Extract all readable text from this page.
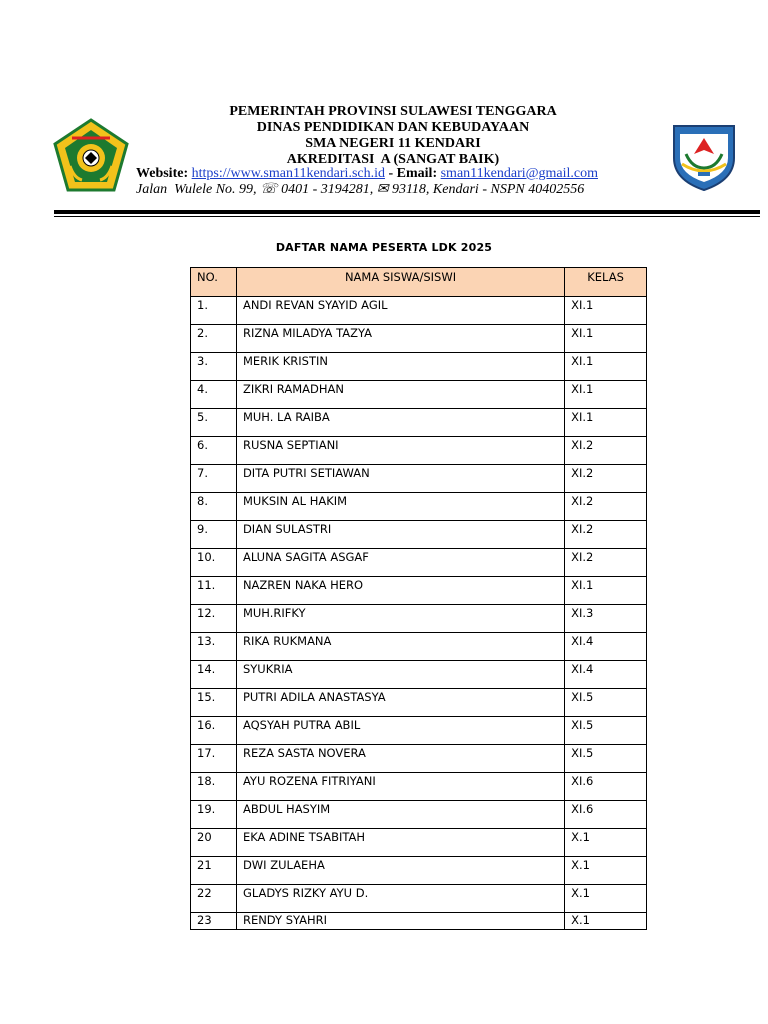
PEMERINTAH PROVINSI SULAWESI TENGGARA
DINAS PENDIDIKAN DAN KEBUDAYAAN
SMA NEGERI 11 KENDARI
AKREDITASI  A (SANGAT BAIK)
Website: https://www.sman11kendari.sch.id - Email: sman11kendari@gmail.com
Jalan  Wulele No. 99, ☏ 0401 - 3194281, ✉ 93118, Kendari - NSPN 40402556
DAFTAR NAMA PESERTA LDK 2025
NO.	NAMA SISWA/SISWI	KELAS
1.	ANDI REVAN SYAYID AGIL	XI.1
2.	RIZNA MILADYA TAZYA	XI.1
3.	MERIK KRISTIN	XI.1
4.	ZIKRI RAMADHAN	XI.1
5.	MUH. LA RAIBA	XI.1
6.	RUSNA SEPTIANI	XI.2
7.	DITA PUTRI SETIAWAN	XI.2
8.	MUKSIN AL HAKIM	XI.2
9.	DIAN SULASTRI	XI.2
10.	ALUNA SAGITA ASGAF	XI.2
11.	NAZREN NAKA HERO	XI.1
12.	MUH.RIFKY	XI.3
13.	RIKA RUKMANA	XI.4
14.	SYUKRIA	XI.4
15.	PUTRI ADILA ANASTASYA	XI.5
16.	AQSYAH PUTRA ABIL	XI.5
17.	REZA SASTA NOVERA	XI.5
18.	AYU ROZENA FITRIYANI	XI.6
19.	ABDUL HASYIM	XI.6
20	EKA ADINE TSABITAH	X.1
21	DWI ZULAEHA	X.1
22	GLADYS RIZKY AYU D.	X.1
23	RENDY SYAHRI	X.1
